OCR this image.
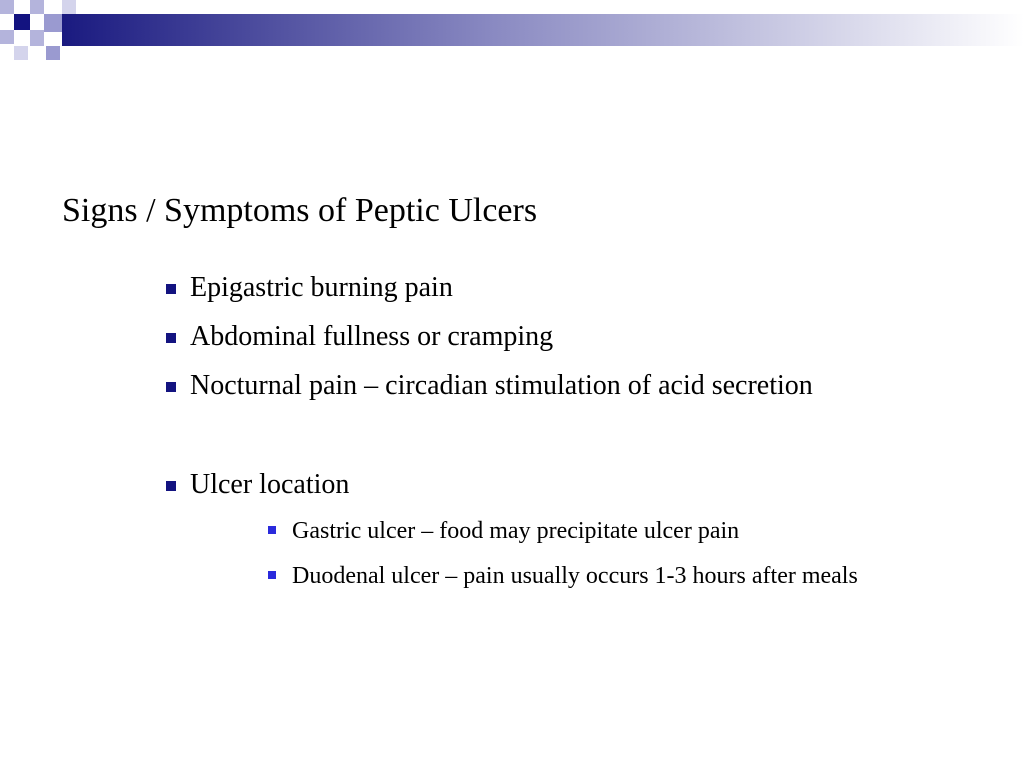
Signs / Symptoms of Peptic Ulcers
Epigastric burning pain
Abdominal fullness or cramping
Nocturnal pain – circadian stimulation of acid secretion
Ulcer location
Gastric ulcer – food may precipitate ulcer pain
Duodenal ulcer – pain usually occurs 1-3 hours after meals
